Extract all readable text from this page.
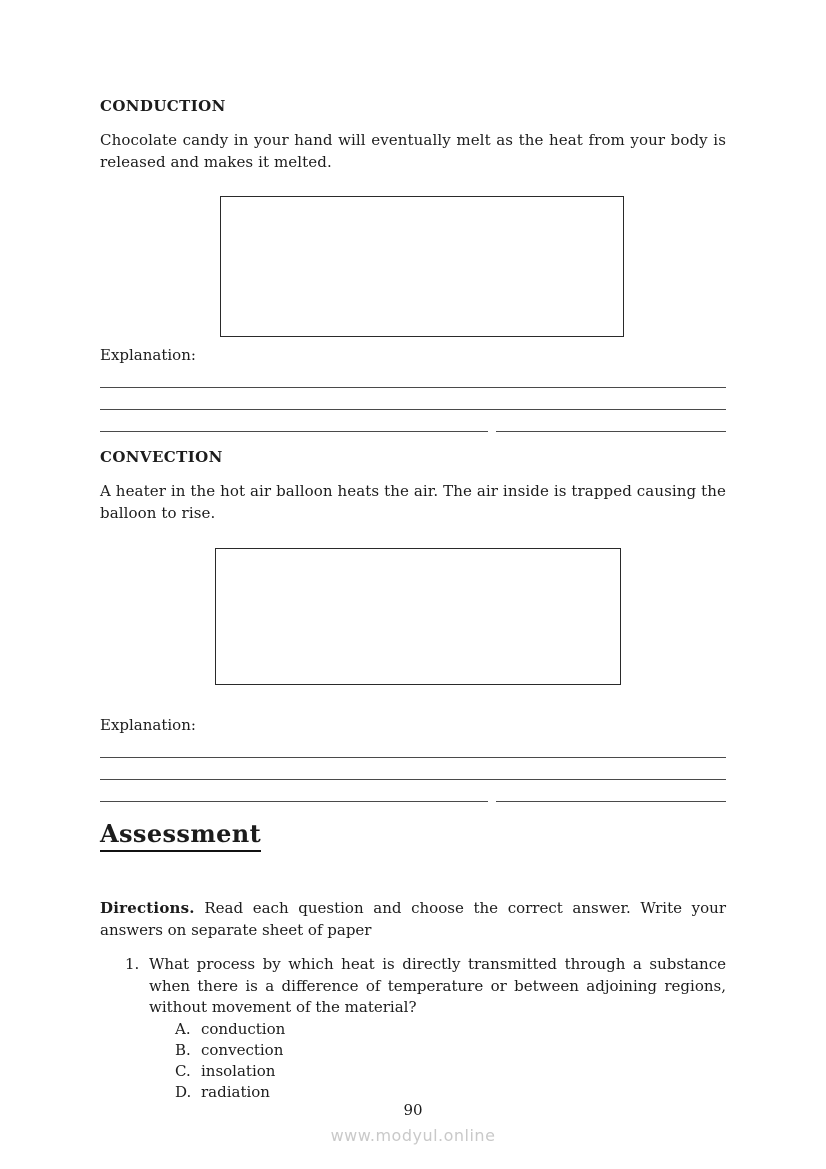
CONDUCTION

Chocolate candy in your hand will eventually melt as the heat from your body is released and makes it melted.

Explanation:
CONVECTION

A heater in the hot air balloon heats the air. The air inside is trapped causing the balloon to rise.

Explanation:
Assessment

Directions. Read each question and choose the correct answer. Write your answers on separate sheet of paper

1. What process by which heat is directly transmitted through a substance when there is a difference of temperature or between adjoining regions, without movement of the material?
A. conduction
B. convection
C. insolation
D. radiation
90
www.modyul.online
